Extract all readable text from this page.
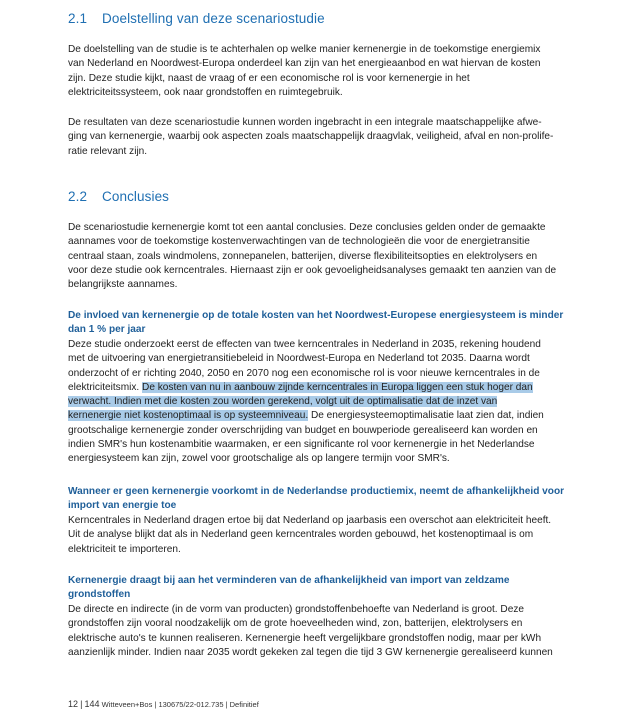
2.1 Doelstelling van deze scenariostudie

De doelstelling van de studie is te achterhalen op welke manier kernenergie in de toekomstige energiemix
van Nederland en Noordwest-Europa onderdeel kan zijn van het energieaanbod en wat hiervan de kosten
zijn. Deze studie kijkt, naast de vraag of er een economische rol is voor kernenergie in het
elektriciteitssysteem, ook naar grondstoffen en ruimtegebruik.

De resultaten van deze scenariostudie kunnen worden ingebracht in een integrale maatschappelijke afwe-
ging van kernenergie, waarbij ook aspecten zoals maatschappelijk draagvlak, veiligheid, afval en non-prolife-
ratie relevant zijn.

2.2 Conclusies

De scenariostudie kernenergie komt tot een aantal conclusies. Deze conclusies gelden onder de gemaakte
aannames voor de toekomstige kostenverwachtingen van de technologieën die voor de energietransitie
centraal staan, zoals windmolens, zonnepanelen, batterijen, diverse flexibiliteitsopties en elektrolysers en
voor deze studie ook kerncentrales. Hiernaast zijn er ook gevoeligheidsanalyses gemaakt ten aanzien van de
belangrijkste aannames.

De invloed van kernenergie op de totale kosten van het Noordwest-Europese energiesysteem is minder
dan 1 % per jaar

Deze studie onderzoekt eerst de effecten van twee kerncentrales in Nederland in 2035, rekening houdend
met de uitvoering van energietransitiebeleid in Noordwest-Europa en Nederland tot 2035. Daarna wordt
onderzocht of er richting 2040, 2050 en 2070 nog een economische rol is voor nieuwe kerncentrales in de
elektriciteitsmix. De kosten van nu in aanbouw zijnde kerncentrales in Europa liggen een stuk hoger dan
verwacht. Indien met die kosten zou worden gerekend, volgt uit de optimalisatie dat de inzet van
kernenergie niet kostenoptimaal is op systeemniveau. De energiesysteemoptimalisatie laat zien dat, indien
grootschalige kernenergie zonder overschrijding van budget en bouwperiode gerealiseerd kan worden en
indien SMR's hun kostenambitie waarmaken, er een significante rol voor kernenergie in het Nederlandse
energiesysteem kan zijn, zowel voor grootschalige als op langere termijn voor SMR's.

Wanneer er geen kernenergie voorkomt in de Nederlandse productiemix, neemt de afhankelijkheid voor
import van energie toe

Kerncentrales in Nederland dragen ertoe bij dat Nederland op jaarbasis een overschot aan elektriciteit heeft.
Uit de analyse blijkt dat als in Nederland geen kerncentrales worden gebouwd, het kostenoptimaal is om
elektriciteit te importeren.

Kernenergie draagt bij aan het verminderen van de afhankelijkheid van import van zeldzame
grondstoffen

De directe en indirecte (in de vorm van producten) grondstoffenbehoefte van Nederland is groot. Deze
grondstoffen zijn vooral noodzakelijk om de grote hoeveelheden wind, zon, batterijen, elektrolysers en
elektrische auto's te kunnen realiseren. Kernenergie heeft vergelijkbare grondstoffen nodig, maar per kWh
aanzienlijk minder. Indien naar 2035 wordt gekeken zal tegen die tijd 3 GW kernenergie gerealiseerd kunnen

12 | 144 Witteveen+Bos | 130675/22-012.735 | Definitief
